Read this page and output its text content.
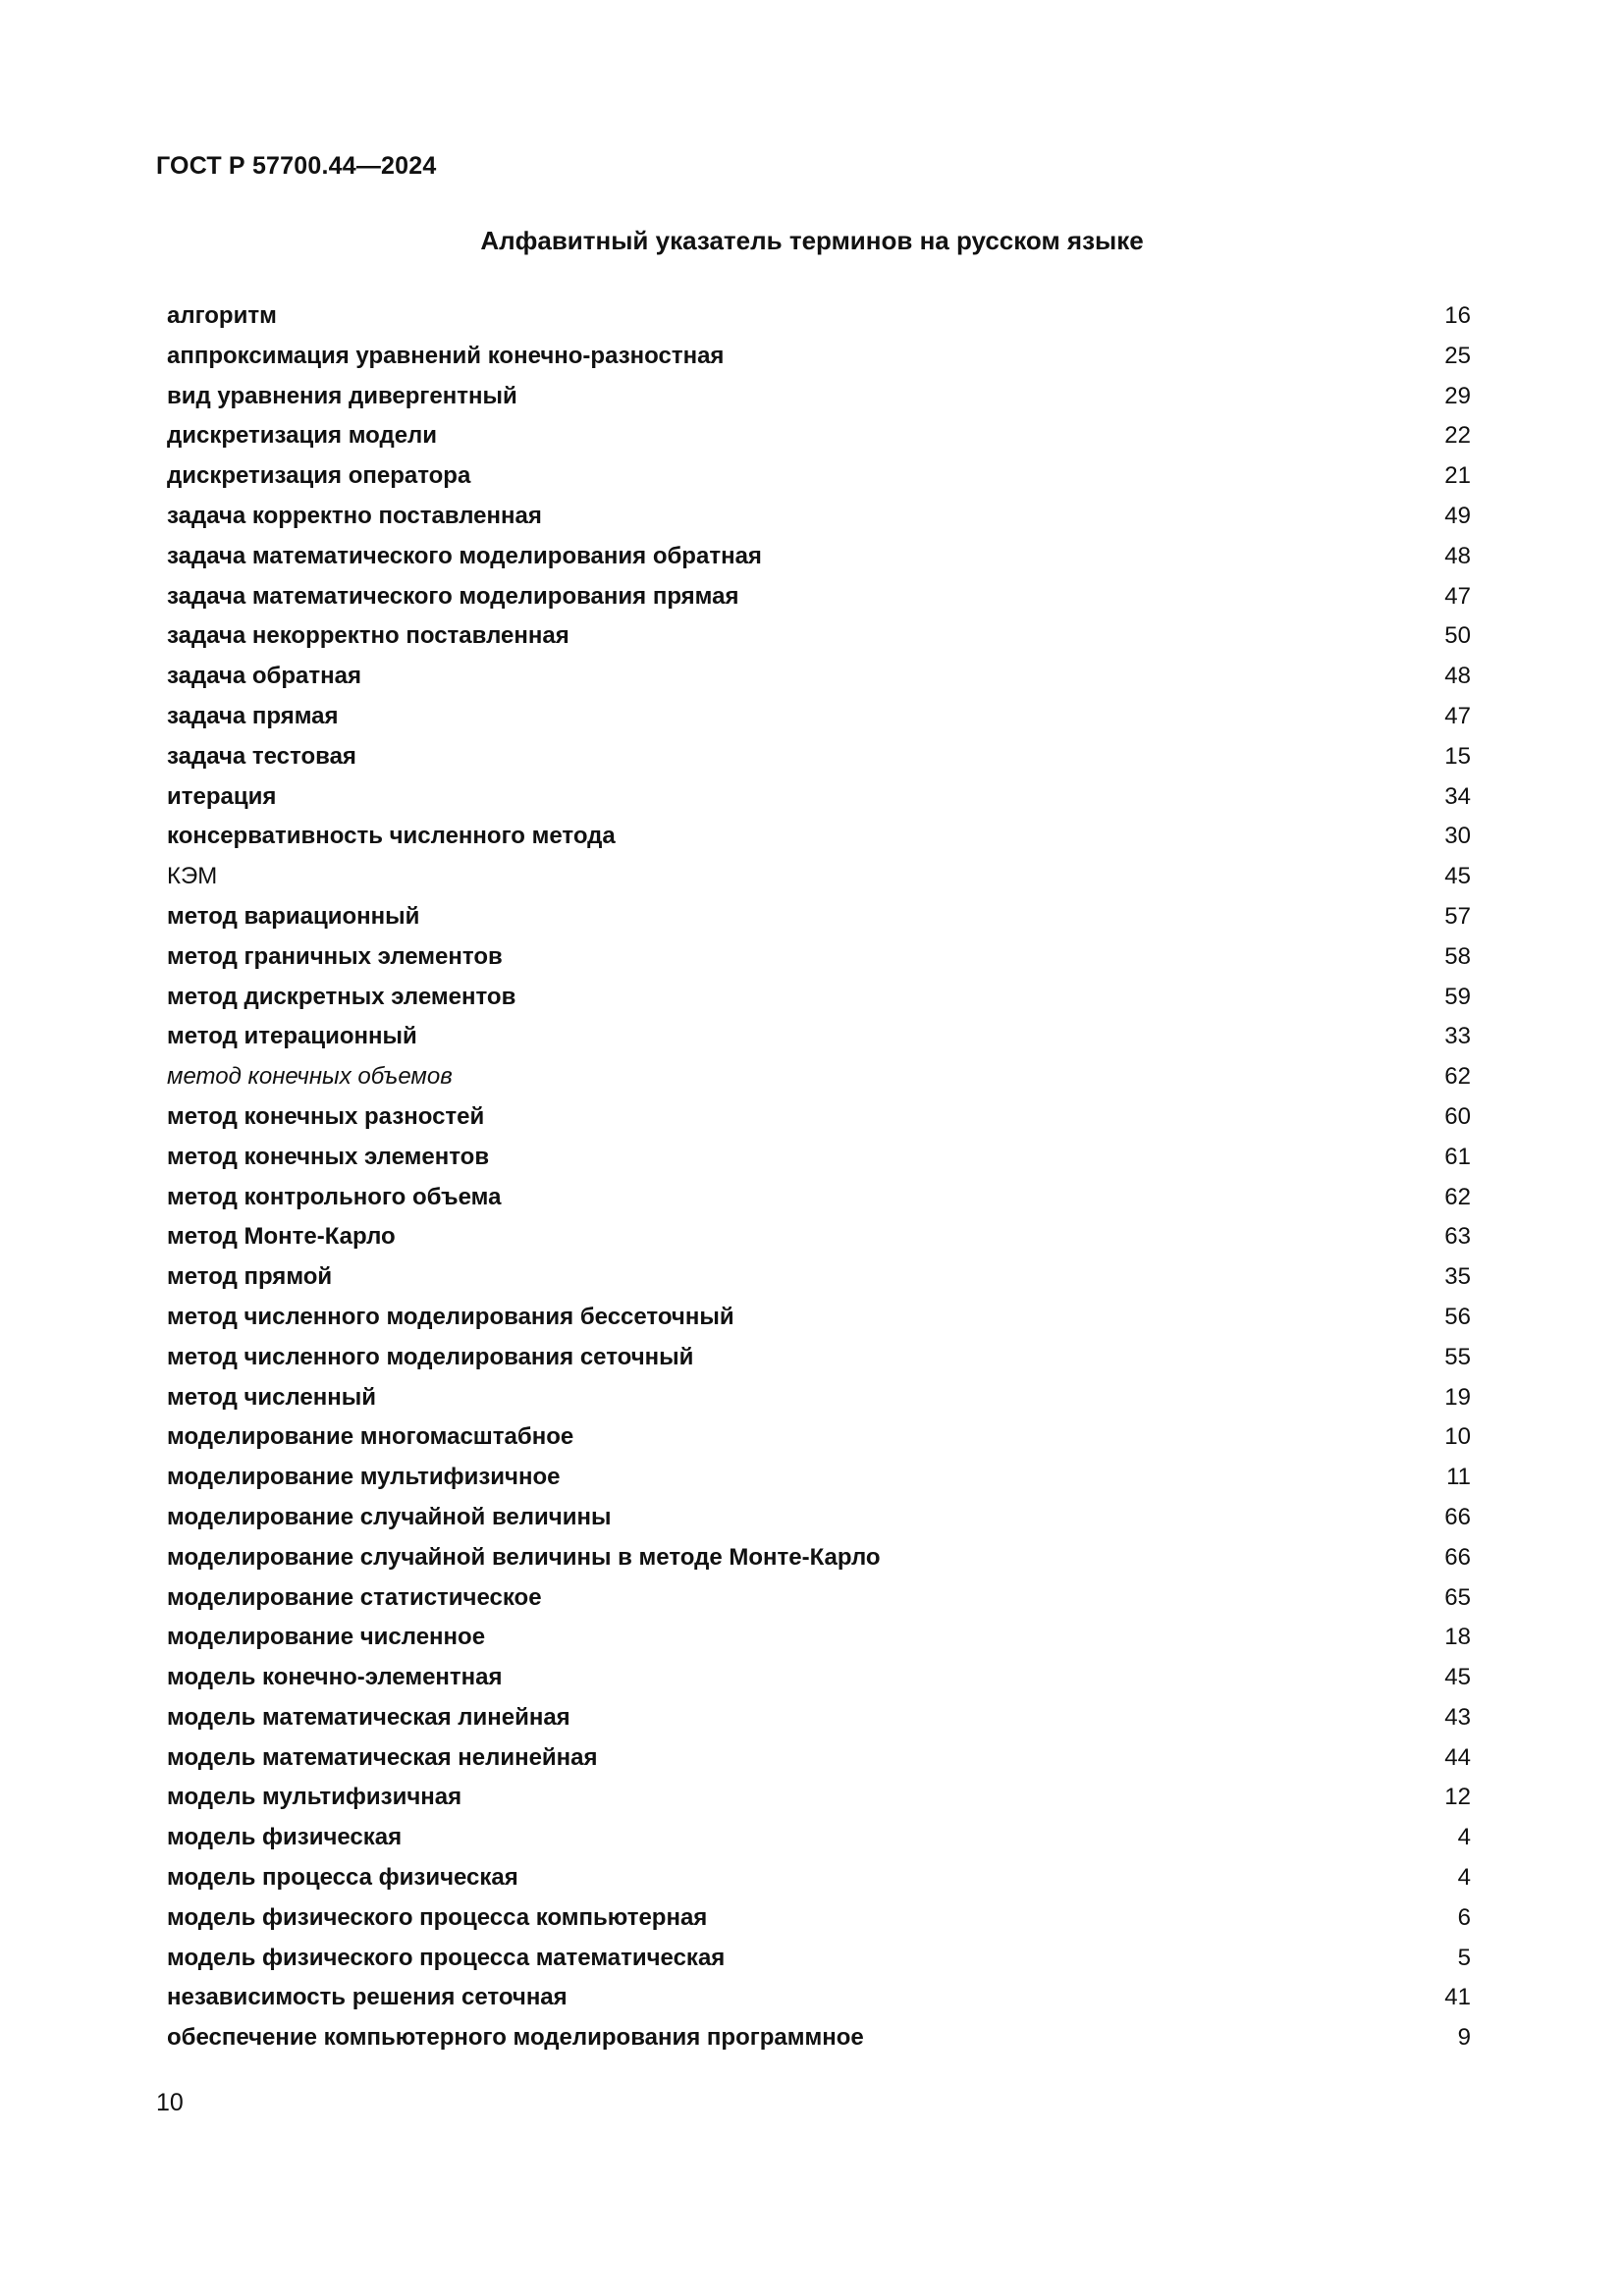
ГОСТ Р 57700.44—2024
Алфавитный указатель терминов на русском языке
алгоритм	16
аппроксимация уравнений конечно-разностная	25
вид уравнения дивергентный	29
дискретизация модели	22
дискретизация оператора	21
задача корректно поставленная	49
задача математического моделирования обратная	48
задача математического моделирования прямая	47
задача некорректно поставленная	50
задача обратная	48
задача прямая	47
задача тестовая	15
итерация	34
консервативность численного метода	30
КЭМ	45
метод вариационный	57
метод граничных элементов	58
метод дискретных элементов	59
метод итерационный	33
метод конечных объемов	62
метод конечных разностей	60
метод конечных элементов	61
метод контрольного объема	62
метод Монте-Карло	63
метод прямой	35
метод численного моделирования бессеточный	56
метод численного моделирования сеточный	55
метод численный	19
моделирование многомасштабное	10
моделирование мультифизичное	11
моделирование случайной величины	66
моделирование случайной величины в методе Монте-Карло	66
моделирование статистическое	65
моделирование численное	18
модель конечно-элементная	45
модель математическая линейная	43
модель математическая нелинейная	44
модель мультифизичная	12
модель физическая	4
модель процесса физическая	4
модель физического процесса компьютерная	6
модель физического процесса математическая	5
независимость решения сеточная	41
обеспечение компьютерного моделирования программное	9
10
